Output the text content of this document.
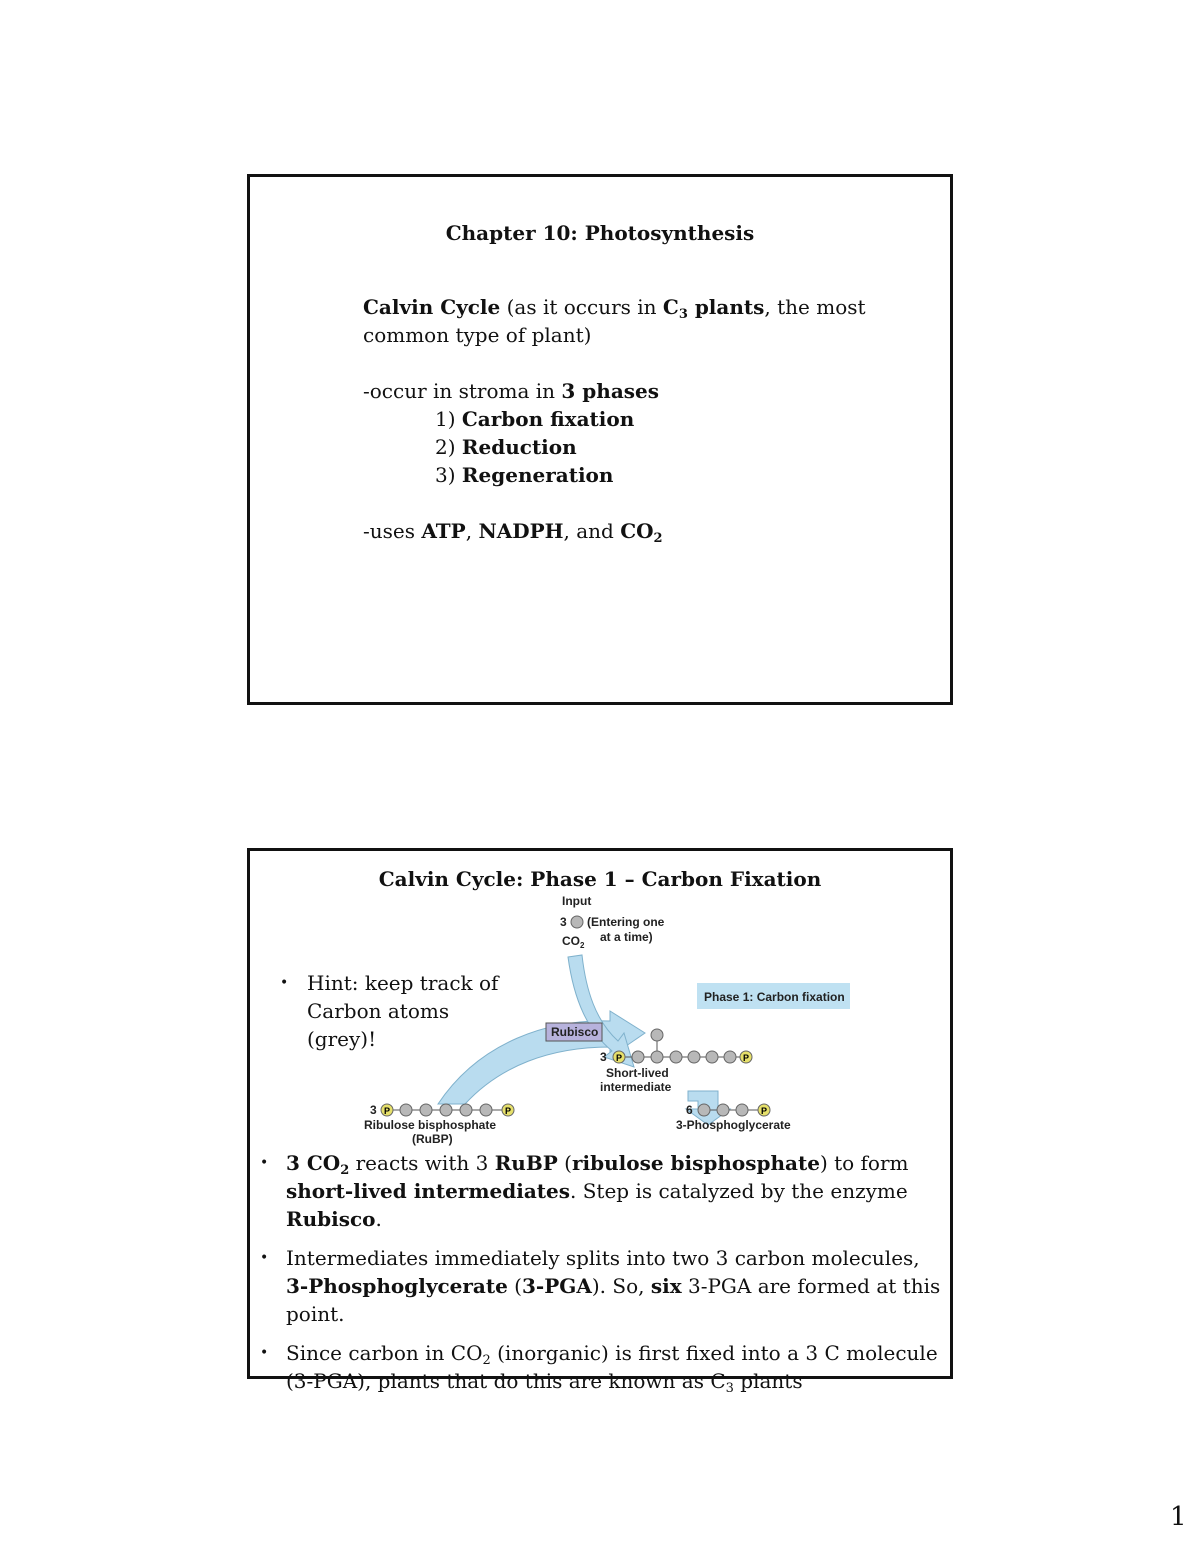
Chapter 10: Photosynthesis

Calvin Cycle (as it occurs in $C_3$ plants, the most common type of plant)

-occur in stroma in 3 phases

1) Carbon fixation

2) Reduction

3) Regeneration

-uses ATP, NADPH, and $CO_2$

Calvin Cycle: Phase 1 – Carbon Fixation
Input
3 (Entering one
at a time)
$CO_2$
Phase 1: Carbon fixation
Rubisco
3 P	P
Short-lived
intermediate
3 P	P
Ribulose bisphosphate
(RuBP)
6	P
3-Phosphoglycerate
• Hint: keep track of Carbon atoms (grey)!
• 3 $CO_2$ reacts with 3 RuBP (ribulose bisphosphate) to form short-lived intermediates. Step is catalyzed by the enzyme Rubisco.
• Intermediates immediately splits into two 3 carbon molecules, 3-Phosphoglycerate (3-PGA). So, six 3-PGA are formed at this point.
• Since carbon in $CO_2$ (inorganic) is first fixed into a 3 C molecule (3-PGA), plants that do this are known as $C_3$ plants
1
